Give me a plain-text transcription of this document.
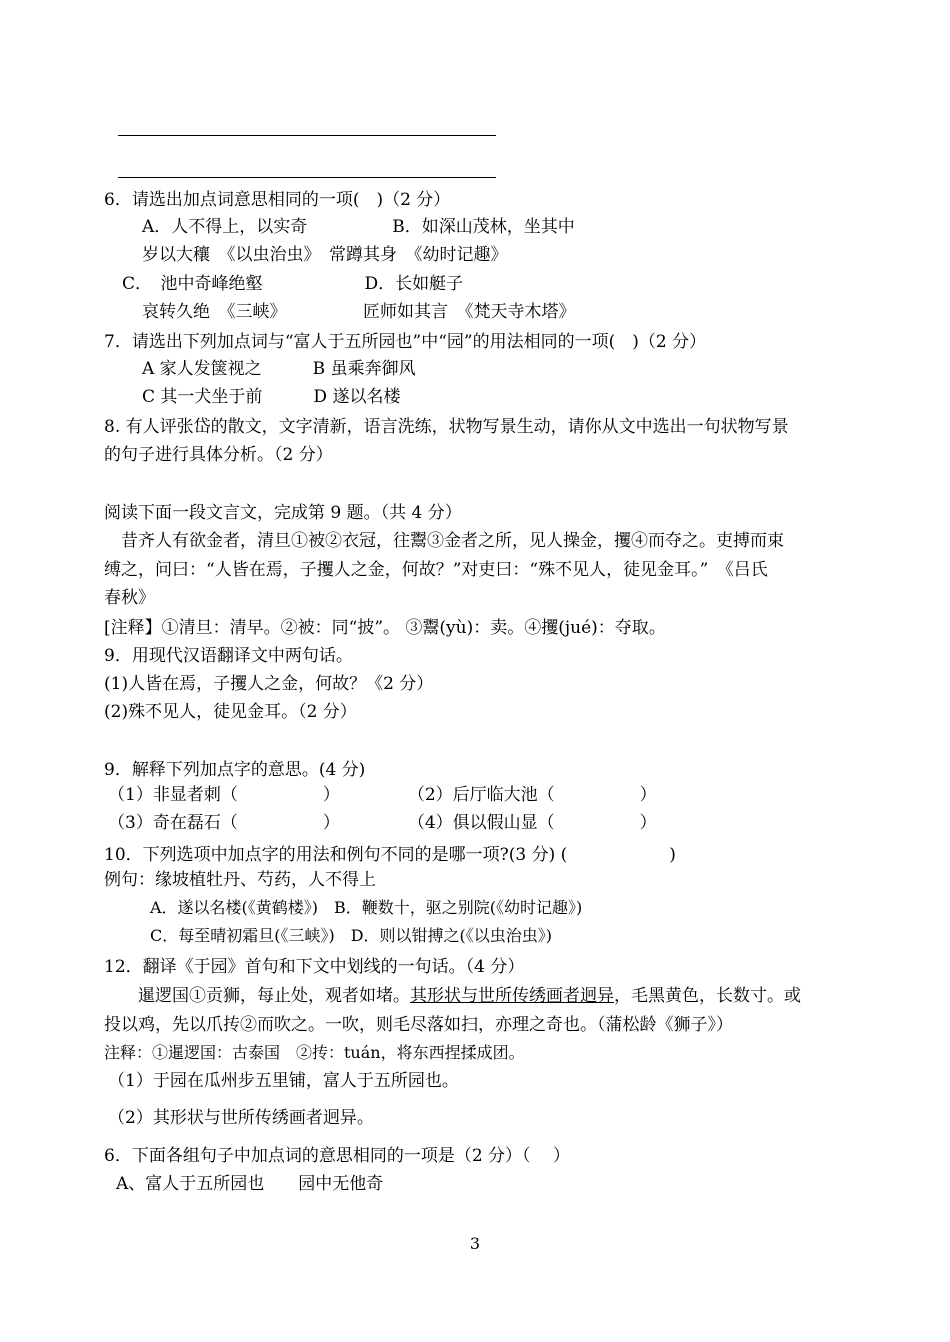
6．请选出加点词意思相同的一项(　)（2 分）
A．人不得上，以实奇　　　　　B．如深山茂林，坐其中
岁以大穰　《以虫治虫》　常蹲其身　《幼时记趣》
C．　池中奇峰绝壑　　　　　　D．长如艇子
哀转久绝　《三峡》　　　　　匠师如其言　《梵天寺木塔》
7．请选出下列加点词与“富人于五所园也”中“园”的用法相同的一项(　)（2 分）
A 家人发箧视之　　　B 虽乘奔御风
C 其一犬坐于前　　　D 遂以名楼
8. 有人评张岱的散文，文字清新，语言洗练，状物写景生动，请你从文中选出一句状物写景
的句子进行具体分析。（2 分）
阅读下面一段文言文，完成第 9 题。（共 4 分）
　昔齐人有欲金者，清旦①被②衣冠，往鬻③金者之所，见人操金，攫④而夺之。吏搏而束
缚之，问曰：“人皆在焉，子攫人之金，何故？”对吏曰：“殊不见人，徒见金耳。”　《吕氏
春秋》
[注释】①清旦：清早。②被：同“披”。 ③鬻(yù)：卖。④攫(jué)：夺取。
9．用现代汉语翻译文中两句话。
(1)人皆在焉，子攫人之金，何故？《2 分）
(2)殊不见人，徒见金耳。（2 分）
9．解释下列加点字的意思。(4 分)
（1）非显者刺（　　　　　）　　　　　（2）后厅临大池（　　　　　）
（3）奇在磊石（　　　　　）　　　　　（4）俱以假山显（　　　　　）
10．下列选项中加点字的用法和例句不同的是哪一项?(3 分) (　　　　　　)
例句：缘坡植牡丹、芍药，人不得上
A．遂以名楼(《黄鹤楼》)　B．鞭数十，驱之别院(《幼时记趣》)
C．每至晴初霜旦(《三峡》)　D．则以钳搏之(《以虫治虫》)
12．翻译《于园》首句和下文中划线的一句话。（4 分）
　　暹逻国①贡狮，每止处，观者如堵。其形状与世所传绣画者迥异，毛黑黄色，长数寸。或
投以鸡，先以爪抟②而吹之。一吹，则毛尽落如扫，亦理之奇也。（蒲松龄《狮子》）
注释：①暹逻国：古泰国　②抟：tuán，将东西捏揉成团。
（1）于园在瓜州步五里铺，富人于五所园也。
（2）其形状与世所传绣画者迥异。
6．下面各组句子中加点词的意思相同的一项是（2 分）（　 ）
A、富人于五所园也　　园中无他奇
3
